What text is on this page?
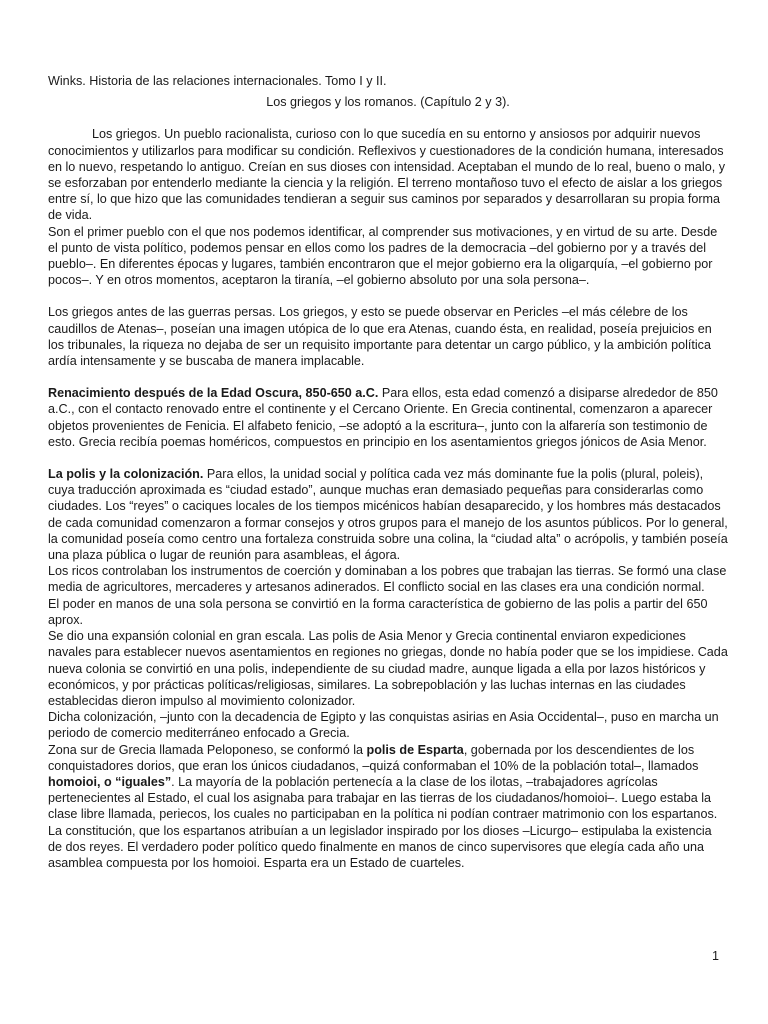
Winks. Historia de las relaciones internacionales. Tomo I y II.

Los griegos y los romanos. (Capítulo 2 y 3).

Los griegos. Un pueblo racionalista, curioso con lo que sucedía en su entorno y ansiosos por adquirir nuevos conocimientos y utilizarlos para modificar su condición. Reflexivos y cuestionadores de la condición humana, interesados en lo nuevo, respetando lo antiguo. Creían en sus dioses con intensidad. Aceptaban el mundo de lo real, bueno o malo, y se esforzaban por entenderlo mediante la ciencia y la religión. El terreno montañoso tuvo el efecto de aislar a los griegos entre sí, lo que hizo que las comunidades tendieran a seguir sus caminos por separados y desarrollaran su propia forma de vida.

Son el primer pueblo con el que nos podemos identificar, al comprender sus motivaciones, y en virtud de su arte. Desde el punto de vista político, podemos pensar en ellos como los padres de la democracia –del gobierno por y a través del pueblo–. En diferentes épocas y lugares, también encontraron que el mejor gobierno era la oligarquía, –el gobierno por pocos–. Y en otros momentos, aceptaron la tiranía, –el gobierno absoluto por una sola persona–.

Los griegos antes de las guerras persas. Los griegos, y esto se puede observar en Pericles –el más célebre de los caudillos de Atenas–, poseían una imagen utópica de lo que era Atenas, cuando ésta, en realidad, poseía prejuicios en los tribunales, la riqueza no dejaba de ser un requisito importante para detentar un cargo público, y la ambición política ardía intensamente y se buscaba de manera implacable.

Renacimiento después de la Edad Oscura, 850-650 a.C. Para ellos, esta edad comenzó a disiparse alrededor de 850 a.C., con el contacto renovado entre el continente y el Cercano Oriente. En Grecia continental, comenzaron a aparecer objetos provenientes de Fenicia. El alfabeto fenicio, –se adoptó a la escritura–, junto con la alfarería son testimonio de esto. Grecia recibía poemas homéricos, compuestos en principio en los asentamientos griegos jónicos de Asia Menor.

La polis y la colonización. Para ellos, la unidad social y política cada vez más dominante fue la polis (plural, poleis), cuya traducción aproximada es “ciudad estado”, aunque muchas eran demasiado pequeñas para considerarlas como ciudades. Los “reyes” o caciques locales de los tiempos micénicos habían desaparecido, y los hombres más destacados de cada comunidad comenzaron a formar consejos y otros grupos para el manejo de los asuntos públicos. Por lo general, la comunidad poseía como centro una fortaleza construida sobre una colina, la “ciudad alta” o acrópolis, y también poseía una plaza pública o lugar de reunión para asambleas, el ágora.

Los ricos controlaban los instrumentos de coerción y dominaban a los pobres que trabajan las tierras. Se formó una clase media de agricultores, mercaderes y artesanos adinerados. El conflicto social en las clases era una condición normal.

El poder en manos de una sola persona se convirtió en la forma característica de gobierno de las polis a partir del 650 aprox.

Se dio una expansión colonial en gran escala. Las polis de Asia Menor y Grecia continental enviaron expediciones navales para establecer nuevos asentamientos en regiones no griegas, donde no había poder que se los impidiese. Cada nueva colonia se convirtió en una polis, independiente de su ciudad madre, aunque ligada a ella por lazos históricos y económicos, y por prácticas políticas/religiosas, similares. La sobrepoblación y las luchas internas en las ciudades establecidas dieron impulso al movimiento colonizador.

Dicha colonización, –junto con la decadencia de Egipto y las conquistas asirias en Asia Occidental–, puso en marcha un periodo de comercio mediterráneo enfocado a Grecia.

Zona sur de Grecia llamada Peloponeso, se conformó la polis de Esparta, gobernada por los descendientes de los conquistadores dorios, que eran los únicos ciudadanos, –quizá conformaban el 10% de la población total–, llamados homoioi, o “iguales”. La mayoría de la población pertenecía a la clase de los ilotas, –trabajadores agrícolas pertenecientes al Estado, el cual los asignaba para trabajar en las tierras de los ciudadanos/homoioi–. Luego estaba la clase libre llamada, periecos, los cuales no participaban en la política ni podían contraer matrimonio con los espartanos. La constitución, que los espartanos atribuían a un legislador inspirado por los dioses –Licurgo– estipulaba la existencia de dos reyes. El verdadero poder político quedo finalmente en manos de cinco supervisores que elegía cada año una asamblea compuesta por los homoioi. Esparta era un Estado de cuarteles.

1
